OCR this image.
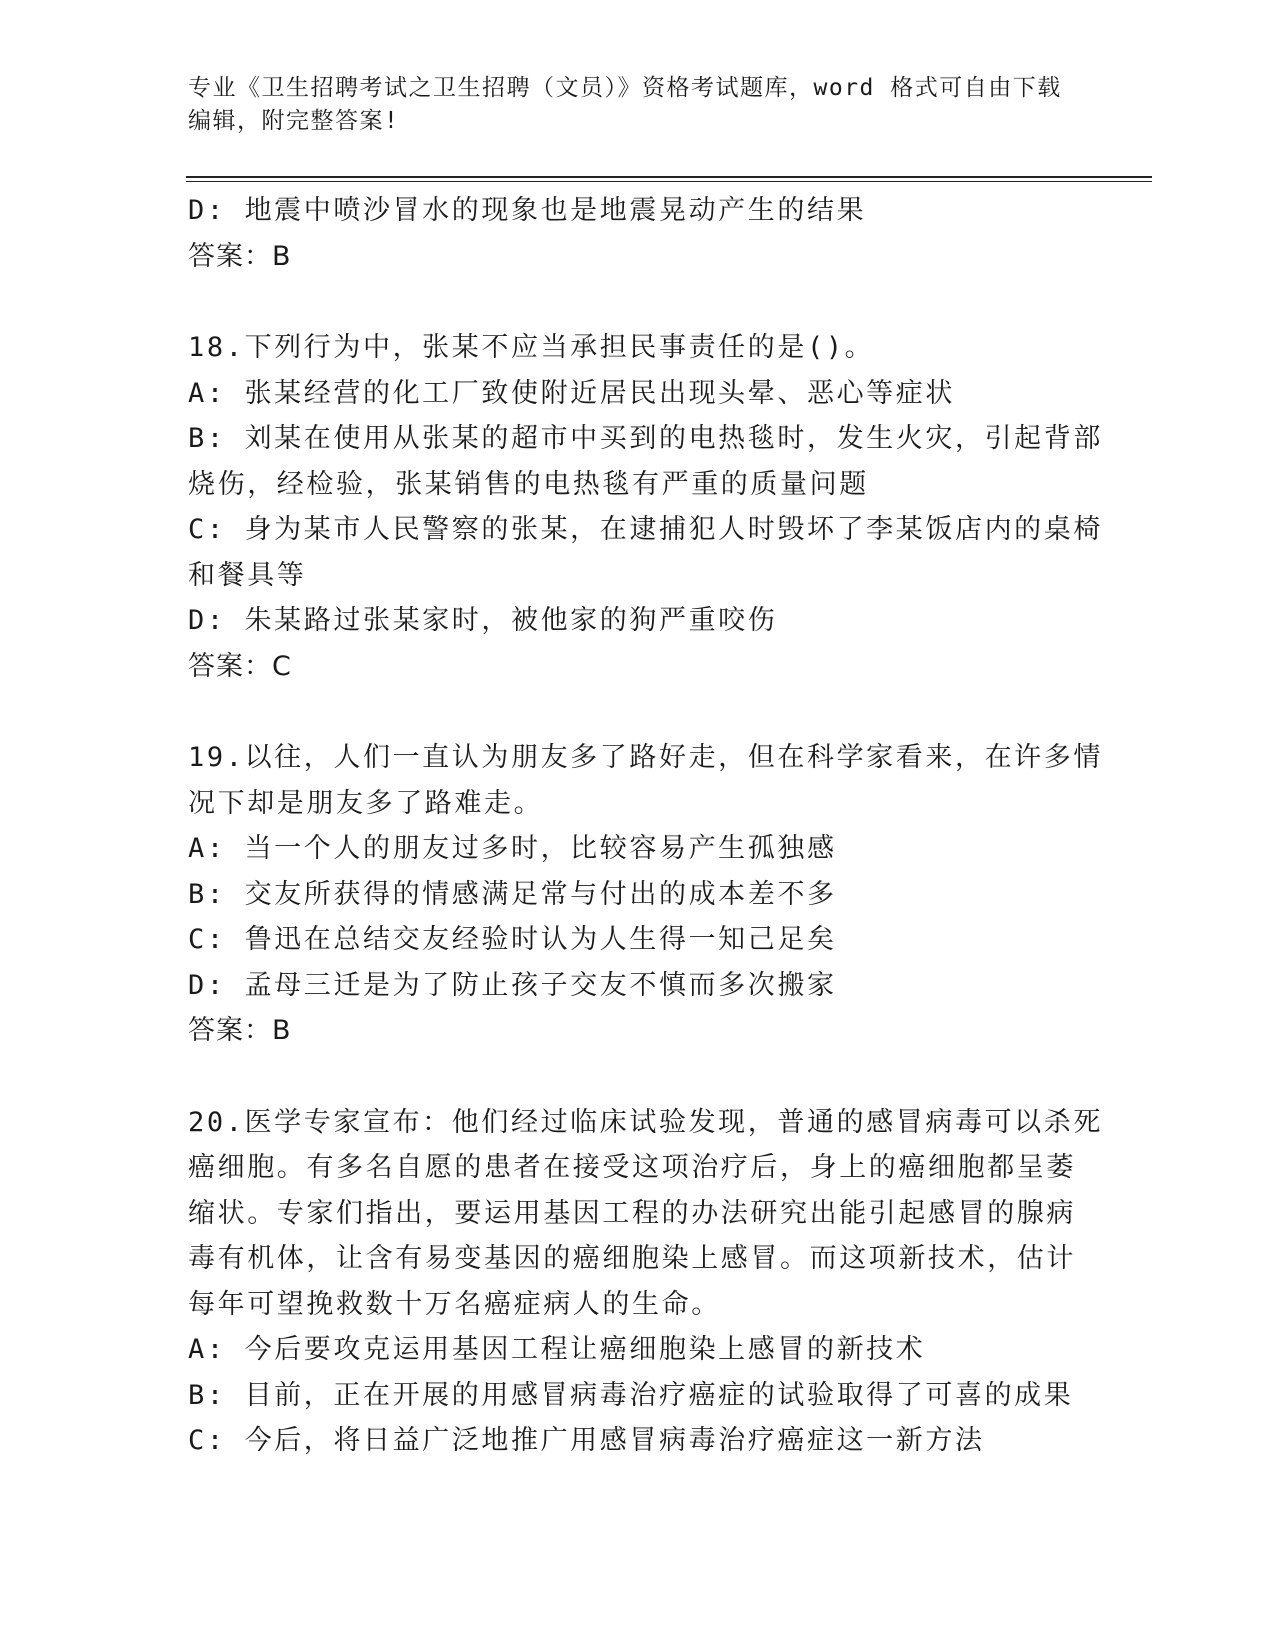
专业《卫生招聘考试之卫生招聘（文员）》资格考试题库，word 格式可自由下载
编辑，附完整答案!
D: 地震中喷沙冒水的现象也是地震晃动产生的结果
答案：B
18.下列行为中，张某不应当承担民事责任的是()。
A: 张某经营的化工厂致使附近居民出现头晕、恶心等症状
B: 刘某在使用从张某的超市中买到的电热毯时，发生火灾，引起背部
烧伤，经检验，张某销售的电热毯有严重的质量问题
C: 身为某市人民警察的张某，在逮捕犯人时毁坏了李某饭店内的桌椅
和餐具等
D: 朱某路过张某家时，被他家的狗严重咬伤
答案：C
19.以往，人们一直认为朋友多了路好走，但在科学家看来，在许多情
况下却是朋友多了路难走。
A: 当一个人的朋友过多时，比较容易产生孤独感
B: 交友所获得的情感满足常与付出的成本差不多
C: 鲁迅在总结交友经验时认为人生得一知己足矣
D: 孟母三迁是为了防止孩子交友不慎而多次搬家
答案：B
20.医学专家宣布：他们经过临床试验发现，普通的感冒病毒可以杀死
癌细胞。有多名自愿的患者在接受这项治疗后，身上的癌细胞都呈萎
缩状。专家们指出，要运用基因工程的办法研究出能引起感冒的腺病
毒有机体，让含有易变基因的癌细胞染上感冒。而这项新技术，估计
每年可望挽救数十万名癌症病人的生命。
A: 今后要攻克运用基因工程让癌细胞染上感冒的新技术
B: 目前，正在开展的用感冒病毒治疗癌症的试验取得了可喜的成果
C: 今后，将日益广泛地推广用感冒病毒治疗癌症这一新方法
